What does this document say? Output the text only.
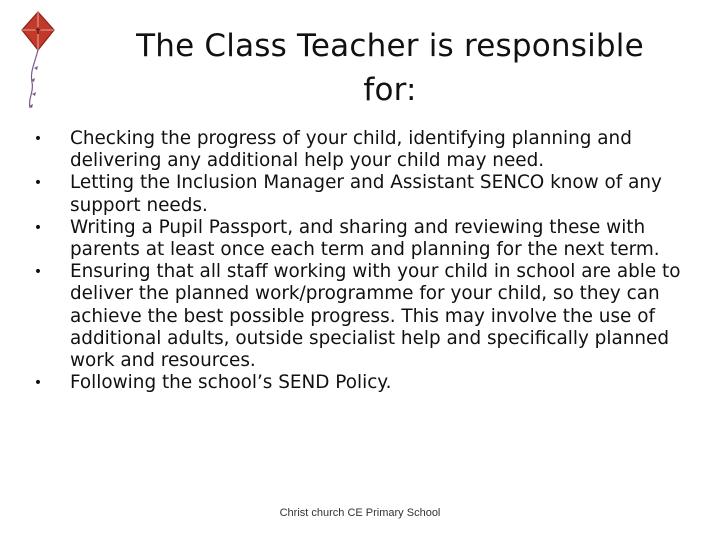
✝	The Class Teacher is responsible
for:
•	Checking the progress of your child, identifying planning and delivering any additional help your child may need.
•	Letting the Inclusion Manager and Assistant SENCO know of any support needs.
•	Writing a Pupil Passport, and sharing and reviewing these with parents at least once each term and planning for the next term.
•	Ensuring that all staff working with your child in school are able to deliver the planned work/programme for your child, so they can achieve the best possible progress. This may involve the use of additional adults, outside specialist help and specifically planned work and resources.
•	Following the school’s SEND Policy.
Christ church CE Primary School
